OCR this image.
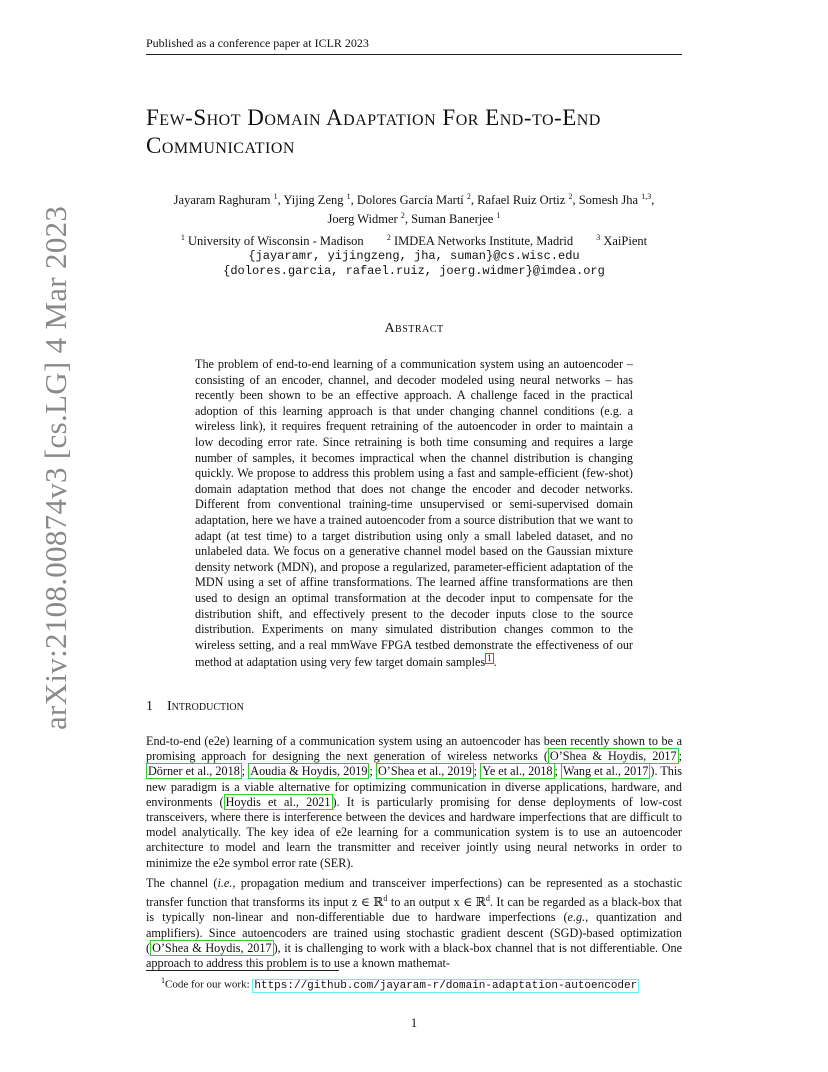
Published as a conference paper at ICLR 2023
arXiv:2108.00874v3 [cs.LG] 4 Mar 2023
Few-Shot Domain Adaptation For End-to-End
Communication
Jayaram Raghuram $^1$, Yijing Zeng $^1$, Dolores García Martí $^2$, Rafael Ruiz Ortiz $^2$, Somesh Jha $^{1,3}$,
Joerg Widmer $^2$, Suman Banerjee $^1$
$^1$ University of Wisconsin - Madison	$^2$ IMDEA Networks Institute, Madrid	$^3$ XaiPient
{jayaramr, yijingzeng, jha, suman}@cs.wisc.edu
{dolores.garcia, rafael.ruiz, joerg.widmer}@imdea.org
Abstract
The problem of end-to-end learning of a communication system using an autoencoder – consisting of an encoder, channel, and decoder modeled using neural networks – has recently been shown to be an effective approach. A challenge faced in the practical adoption of this learning approach is that under changing channel conditions (e.g. a wireless link), it requires frequent retraining of the autoencoder in order to maintain a low decoding error rate. Since retraining is both time consuming and requires a large number of samples, it becomes impractical when the channel distribution is changing quickly. We propose to address this problem using a fast and sample-efficient (few-shot) domain adaptation method that does not change the encoder and decoder networks. Different from conventional training-time unsupervised or semi-supervised domain adaptation, here we have a trained autoencoder from a source distribution that we want to adapt (at test time) to a target distribution using only a small labeled dataset, and no unlabeled data. We focus on a generative channel model based on the Gaussian mixture density network (MDN), and propose a regularized, parameter-efficient adaptation of the MDN using a set of affine transformations. The learned affine transformations are then used to design an optimal transformation at the decoder input to compensate for the distribution shift, and effectively present to the decoder inputs close to the source distribution. Experiments on many simulated distribution changes common to the wireless setting, and a real mmWave FPGA testbed demonstrate the effectiveness of our method at adaptation using very few target domain samples 1 .
1 Introduction
End-to-end (e2e) learning of a communication system using an autoencoder has been recently shown to be a promising approach for designing the next generation of wireless networks ( O’Shea & Hoydis, 2017 ; Dörner et al., 2018 ; Aoudia & Hoydis, 2019 ; O’Shea et al., 2019 ; Ye et al., 2018 ; Wang et al., 2017 ). This new paradigm is a viable alternative for optimizing communication in diverse applications, hardware, and environments ( Hoydis et al., 2021 ). It is particularly promising for dense deployments of low-cost transceivers, where there is interference between the devices and hardware imperfections that are difficult to model analytically. The key idea of e2e learning for a communication system is to use an autoencoder architecture to model and learn the transmitter and receiver jointly using neural networks in order to minimize the e2e symbol error rate (SER).
The channel (i.e., propagation medium and transceiver imperfections) can be represented as a stochastic transfer function that transforms its input z ∈ ℝ$^d$ to an output x ∈ ℝ$^d$. It can be regarded as a black-box that is typically non-linear and non-differentiable due to hardware imperfections (e.g., quantization and amplifiers). Since autoencoders are trained using stochastic gradient descent (SGD)-based optimization ( O’Shea & Hoydis, 2017 ), it is challenging to work with a black-box channel that is not differentiable. One approach to address this problem is to use a known mathemat-
$^1$Code for our work: https://github.com/jayaram-r/domain-adaptation-autoencoder
1
